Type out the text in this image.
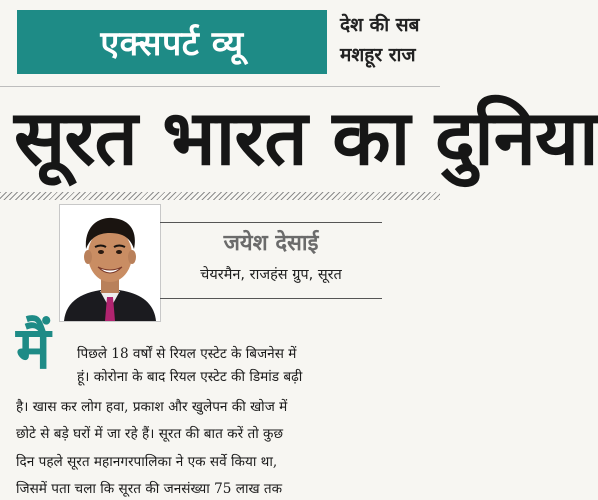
एक्सपर्ट व्यू	देश की सब
मशहूर राज
सूरत भारत का दुनिया
जयेश देसाई
चेयरमैन, राजहंस ग्रुप, सूरत
मैं पिछले 18 वर्षों से रियल एस्टेट के बिजनेस में
हूं। कोरोना के बाद रियल एस्टेट की डिमांड बढ़ी
है। खास कर लोग हवा, प्रकाश और खुलेपन की खोज में
छोटे से बड़े घरों में जा रहे हैं। सूरत की बात करें तो कुछ
दिन पहले सूरत महानगरपालिका ने एक सर्वे किया था,
जिसमें पता चला कि सूरत की जनसंख्या 75 लाख तक
